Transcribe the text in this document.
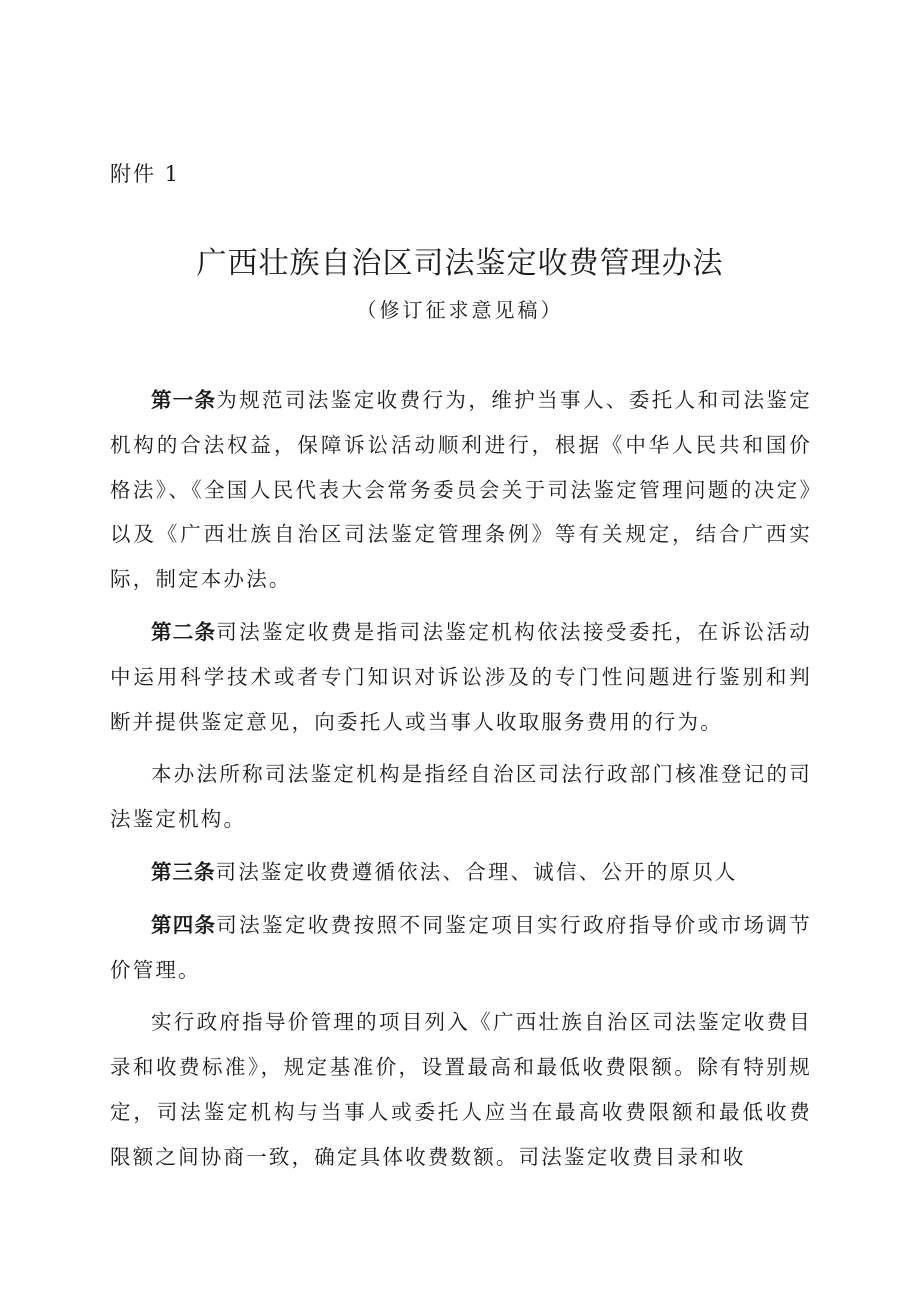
附件 1
广西壮族自治区司法鉴定收费管理办法
（修订征求意见稿）

第一条为规范司法鉴定收费行为，维护当事人、委托人和司法鉴定机构的合法权益，保障诉讼活动顺利进行，根据《中华人民共和国价格法》、《全国人民代表大会常务委员会关于司法鉴定管理问题的决定》以及《广西壮族自治区司法鉴定管理条例》等有关规定，结合广西实际，制定本办法。

第二条司法鉴定收费是指司法鉴定机构依法接受委托，在诉讼活动中运用科学技术或者专门知识对诉讼涉及的专门性问题进行鉴别和判断并提供鉴定意见，向委托人或当事人收取服务费用的行为。

本办法所称司法鉴定机构是指经自治区司法行政部门核准登记的司法鉴定机构。

第三条司法鉴定收费遵循依法、合理、诚信、公开的原贝人

第四条司法鉴定收费按照不同鉴定项目实行政府指导价或市场调节价管理。

实行政府指导价管理的项目列入《广西壮族自治区司法鉴定收费目录和收费标准》，规定基准价，设置最高和最低收费限额。除有特别规定，司法鉴定机构与当事人或委托人应当在最高收费限额和最低收费限额之间协商一致，确定具体收费数额。司法鉴定收费目录和收
